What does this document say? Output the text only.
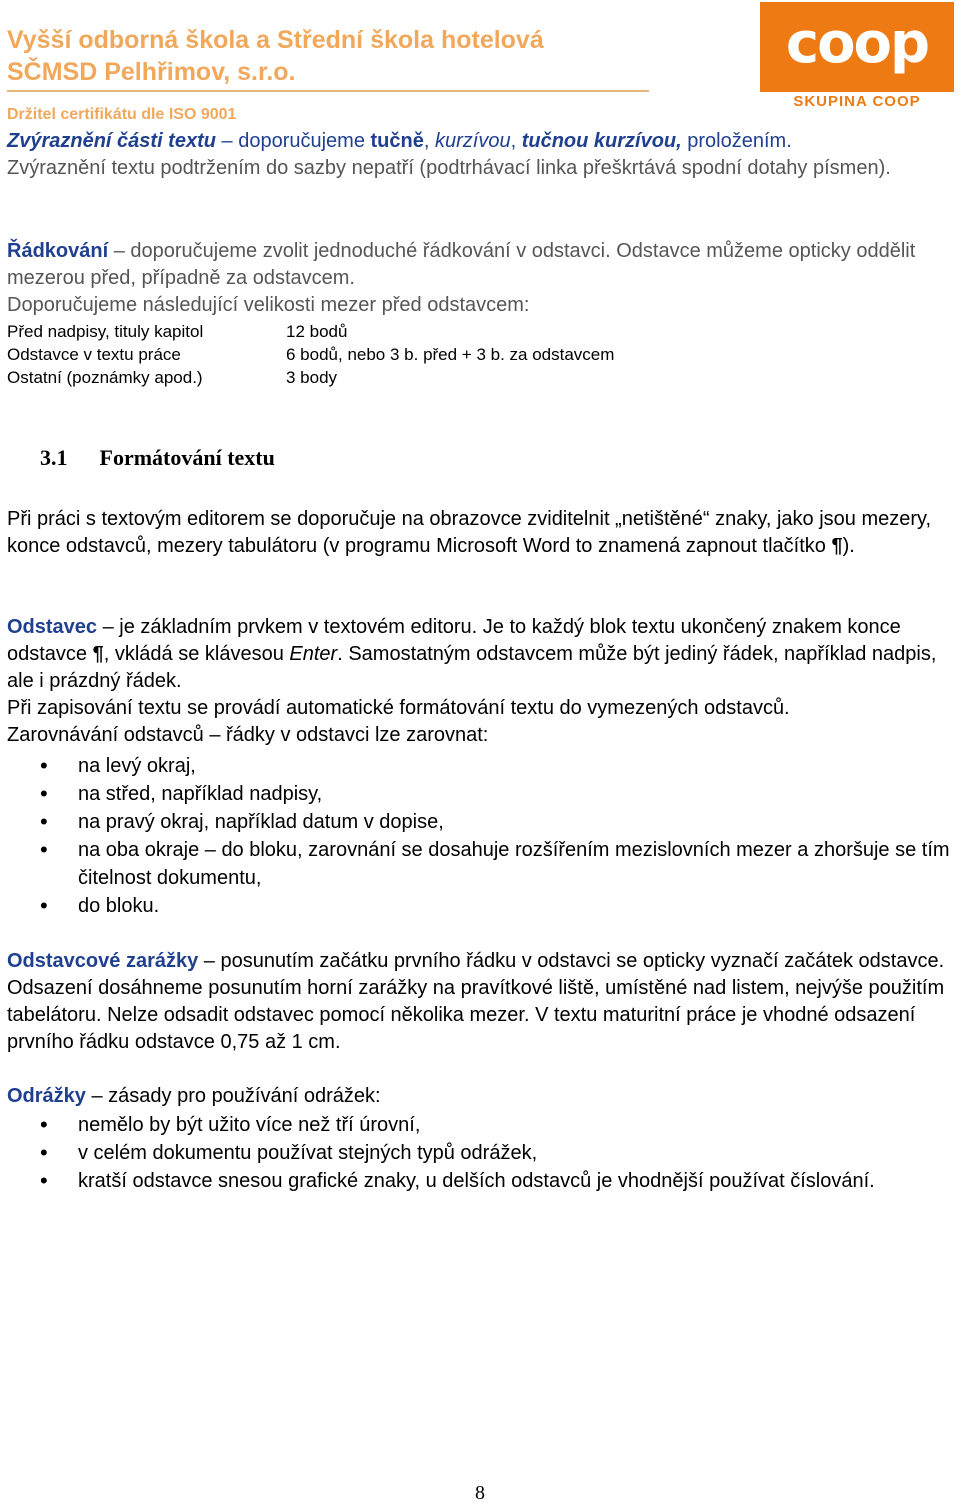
Vyšší odborná škola a Střední škola hotelová
SČMSD Pelhřimov, s.r.o.
Držitel certifikátu dle ISO 9001
coop
SKUPINA COOP
Zvýraznění části textu – doporučujeme tučně, kurzívou, tučnou kurzívou, proložením.
Zvýraznění textu podtržením do sazby nepatří (podtrhávací linka přeškrtává spodní dotahy písmen).
Řádkování – doporučujeme zvolit jednoduché řádkování v odstavci. Odstavce můžeme opticky oddělit mezerou před, případně za odstavcem.
Doporučujeme následující velikosti mezer před odstavcem:
Před nadpisy, tituly kapitol	12 bodů
Odstavce v textu práce	6 bodů, nebo 3 b. před + 3 b. za odstavcem
Ostatní (poznámky apod.)	3 body
3.1 Formátování textu
Při práci s textovým editorem se doporučuje na obrazovce zviditelnit „netištěné“ znaky, jako jsou mezery, konce odstavců, mezery tabulátoru (v programu Microsoft Word to znamená zapnout tlačítko ¶).
Odstavec – je základním prvkem v textovém editoru. Je to každý blok textu ukončený znakem konce odstavce ¶, vkládá se klávesou Enter. Samostatným odstavcem může být jediný řádek, například nadpis, ale i prázdný řádek.
Při zapisování textu se provádí automatické formátování textu do vymezených odstavců.
Zarovnávání odstavců – řádky v odstavci lze zarovnat:
• na levý okraj,
• na střed, například nadpisy,
• na pravý okraj, například datum v dopise,
• na oba okraje – do bloku, zarovnání se dosahuje rozšířením mezislovních mezer a zhoršuje se tím čitelnost dokumentu,
• do bloku.
Odstavcové zarážky – posunutím začátku prvního řádku v odstavci se opticky vyznačí začátek odstavce. Odsazení dosáhneme posunutím horní zarážky na pravítkové liště, umístěné nad listem, nejvýše použitím tabelátoru. Nelze odsadit odstavec pomocí několika mezer. V textu maturitní práce je vhodné odsazení prvního řádku odstavce 0,75 až 1 cm.
Odrážky – zásady pro používání odrážek:
• nemělo by být užito více než tří úrovní,
• v celém dokumentu používat stejných typů odrážek,
• kratší odstavce snesou grafické znaky, u delších odstavců je vhodnější používat číslování.
8
